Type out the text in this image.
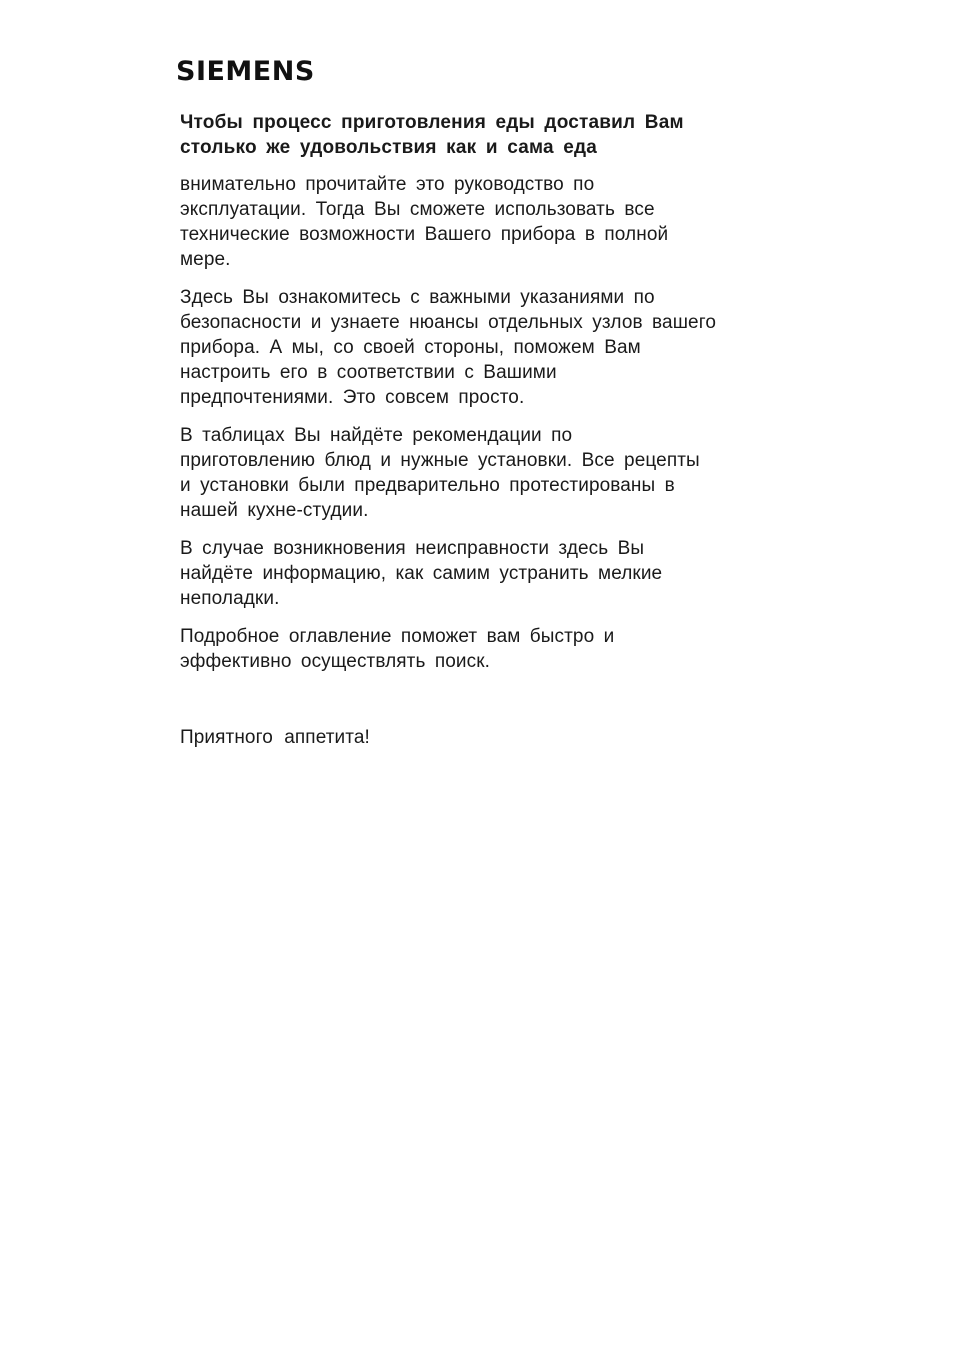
SIEMENS
Чтобы процесс приготовления еды доставил Вам
столько же удовольствия как и сама еда
внимательно прочитайте это руководство по
эксплуатации. Тогда Вы сможете использовать все
технические возможности Вашего прибора в полной
мере.
Здесь Вы ознакомитесь с важными указаниями по
безопасности и узнаете нюансы отдельных узлов вашего
прибора. А мы, со своей стороны, поможем Вам
настроить его в соответствии с Вашими
предпочтениями. Это совсем просто.
В таблицах Вы найдёте рекомендации по
приготовлению блюд и нужные установки. Все рецепты
и установки были предварительно протестированы в
нашей кухне-студии.
В случае возникновения неисправности здесь Вы
найдёте информацию, как самим устранить мелкие
неполадки.
Подробное оглавление поможет вам быстро и
эффективно осуществлять поиск.
Приятного аппетита!
